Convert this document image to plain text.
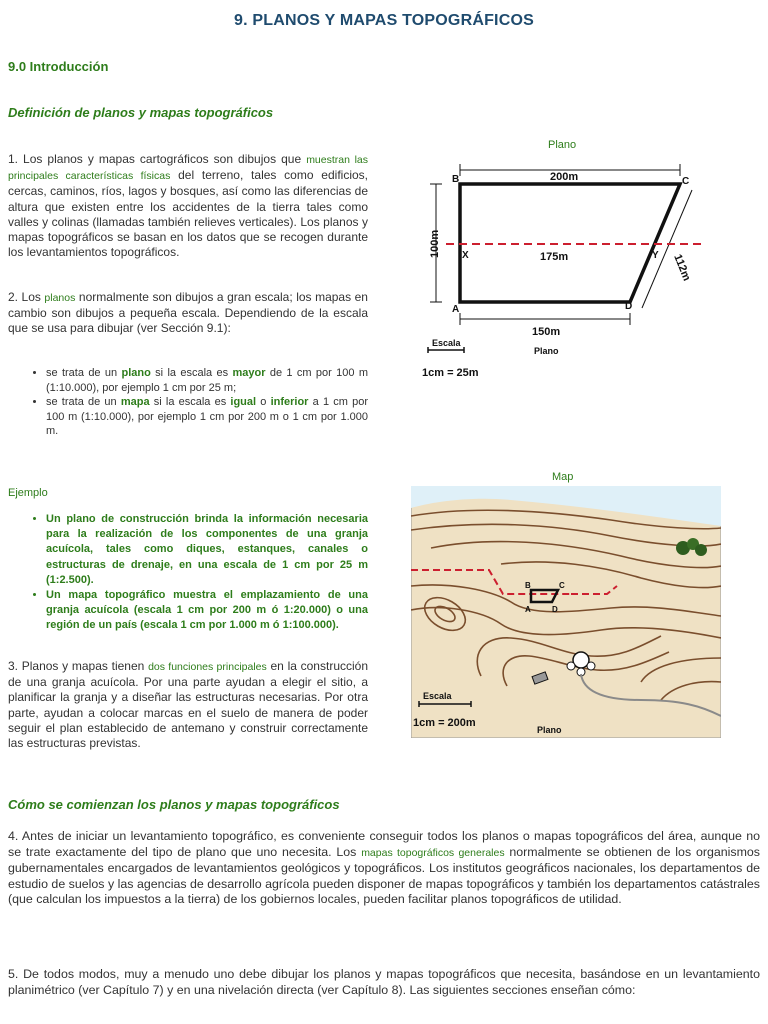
9. PLANOS Y MAPAS TOPOGRÁFICOS
9.0 Introducción
Definición de planos y mapas topográficos
1. Los planos y mapas cartográficos son dibujos que muestran las principales características físicas del terreno, tales como edificios, cercas, caminos, ríos, lagos y bosques, así como las diferencias de altura que existen entre los accidentes de la tierra tales como valles y colinas (llamadas también relieves verticales). Los planos y mapas topográficos se basan en los datos que se recogen durante los levantamientos topográficos.
2. Los planos normalmente son dibujos a gran escala; los mapas en cambio son dibujos a pequeña escala. Dependiendo de la escala que se usa para dibujar (ver Sección 9.1):
• se trata de un plano si la escala es mayor de 1 cm por 100 m (1:10.000), por ejemplo 1 cm por 25 m;
• se trata de un mapa si la escala es igual o inferior a 1 cm por 100 m (1:10.000), por ejemplo 1 cm por 200 m o 1 cm por 1.000 m.
Ejemplo
• Un plano de construcción brinda la información necesaria para la realización de los componentes de una granja acuícola, tales como diques, estanques, canales o estructuras de drenaje, en una escala de 1 cm por 25 m (1:2.500).
• Un mapa topográfico muestra el emplazamiento de una granja acuícola (escala 1 cm por 200 m ó 1:20.000) o una región de un país (escala 1 cm por 1.000 m ó 1:100.000).
3. Planos y mapas tienen dos funciones principales en la construcción de una granja acuícola. Por una parte ayudan a elegir el sitio, a planificar la granja y a diseñar las estructuras necesarias. Por otra parte, ayudan a colocar marcas en el suelo de manera de poder seguir el plan establecido de antemano y construir correctamente las estructuras previstas.
Cómo se comienzan los planos y mapas topográficos
4. Antes de iniciar un levantamiento topográfico, es conveniente conseguir todos los planos o mapas topográficos del área, aunque no se trate exactamente del tipo de plano que uno necesita. Los mapas topográficos generales normalmente se obtienen de los organismos gubernamentales encargados de levantamientos geológicos y topográficos. Los institutos geográficos nacionales, los departamentos de estudio de suelos y las agencias de desarrollo agrícola pueden disponer de mapas topográficos y también los departamentos catástrales (que calculan los impuestos a la tierra) de los gobiernos locales, pueden facilitar planos topográficos de utilidad.
5. De todos modos, muy a menudo uno debe dibujar los planos y mapas topográficos que necesita, basándose en un levantamiento planimétrico (ver Capítulo 7) y en una nivelación directa (ver Capítulo 8). Las siguientes secciones enseñan cómo:
Plano
200m
100m	175m	112m
150m
B	C
X	Y
A	D
Escala
1cm = 25m
Plano
Map
B	C
A	D
Escala
1cm = 200m
Plano
